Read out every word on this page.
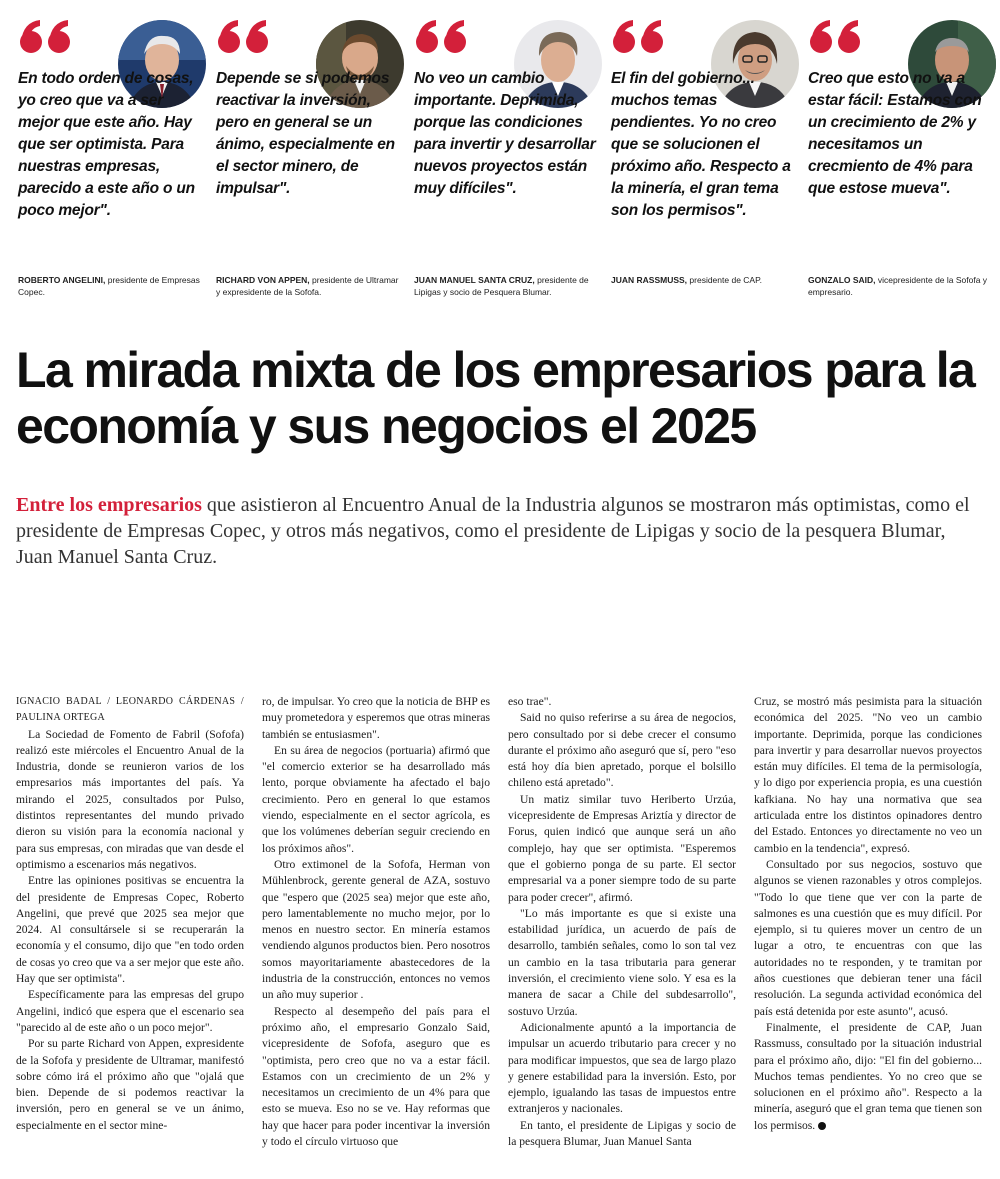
En todo orden de cosas, yo creo que va a ser mejor que este año. Hay que ser optimista. Para nuestras empresas, parecido a este año o un poco mejor".
ROBERTO ANGELINI, presidente de Empresas Copec.
Depende se si podemos reactivar la inversión, pero en general se un ánimo, especialmente en el sector minero, de impulsar".
RICHARD VON APPEN, presidente de Ultramar y expresidente de la Sofofa.
No veo un cambio importante. Deprimida, porque las condiciones para invertir y desarrollar nuevos proyectos están muy difíciles".
JUAN MANUEL SANTA CRUZ, presidente de Lipigas y socio de Pesquera Blumar.
El fin del gobierno... muchos temas pendientes. Yo no creo que se solucionen el próximo año. Respecto a la minería, el gran tema son los permisos".
JUAN RASSMUSS, presidente de CAP.
Creo que esto no va a estar fácil: Estamos con un crecimiento de 2% y necesitamos un crecmiento de 4% para que estose mueva".
GONZALO SAID, vicepresidente de la Sofofa y empresario.
La mirada mixta de los empresarios para la economía y sus negocios el 2025

Entre los empresarios que asistieron al Encuentro Anual de la Industria algunos se mostraron más optimistas, como el presidente de Empresas Copec, y otros más negativos, como el presidente de Lipigas y socio de la pesquera Blumar, Juan Manuel Santa Cruz.

IGNACIO BADAL / LEONARDO CÁRDENAS / PAULINA ORTEGA

La Sociedad de Fomento de Fabril (Sofofa) realizó este miércoles el Encuentro Anual de la Industria, donde se reunieron varios de los empresarios más importantes del país. Ya mirando el 2025, consultados por Pulso, distintos representantes del mundo privado dieron su visión para la economía nacional y para sus empresas, con miradas que van desde el optimismo a escenarios más negativos.

Entre las opiniones positivas se encuentra la del presidente de Empresas Copec, Roberto Angelini, que prevé que 2025 sea mejor que 2024. Al consultársele si se recuperarán la economía y el consumo, dijo que "en todo orden de cosas yo creo que va a ser mejor que este año. Hay que ser optimista".

Específicamente para las empresas del grupo Angelini, indicó que espera que el escenario sea "parecido al de este año o un poco mejor".

Por su parte Richard von Appen, expresidente de la Sofofa y presidente de Ultramar, manifestó sobre cómo irá el próximo año que "ojalá que bien. Depende de si podemos reactivar la inversión, pero en general se ve un ánimo, especialmente en el sector mine-

ro, de impulsar. Yo creo que la noticia de BHP es muy prometedora y esperemos que otras mineras también se entusiasmen".

En su área de negocios (portuaria) afirmó que "el comercio exterior se ha desarrollado más lento, porque obviamente ha afectado el bajo crecimiento. Pero en general lo que estamos viendo, especialmente en el sector agrícola, es que los volúmenes deberían seguir creciendo en los próximos años".

Otro extimonel de la Sofofa, Herman von Mühlenbrock, gerente general de AZA, sostuvo que "espero que (2025 sea) mejor que este año, pero lamentablemente no mucho mejor, por lo menos en nuestro sector. En minería estamos vendiendo algunos productos bien. Pero nosotros somos mayoritariamente abastecedores de la industria de la construcción, entonces no vemos un año muy superior .

Respecto al desempeño del país para el próximo año, el empresario Gonzalo Said, vicepresidente de Sofofa, aseguro que es "optimista, pero creo que no va a estar fácil. Estamos con un crecimiento de un 2% y necesitamos un crecimiento de un 4% para que esto se mueva. Eso no se ve. Hay reformas que hay que hacer para poder incentivar la inversión y todo el círculo virtuoso que

eso trae".

Said no quiso referirse a su área de negocios, pero consultado por si debe crecer el consumo durante el próximo año aseguró que sí, pero "eso está hoy día bien apretado, porque el bolsillo chileno está apretado".

Un matiz similar tuvo Heriberto Urzúa, vicepresidente de Empresas Ariztía y director de Forus, quien indicó que aunque será un año complejo, hay que ser optimista. "Esperemos que el gobierno ponga de su parte. El sector empresarial va a poner siempre todo de su parte para poder crecer", afirmó.

"Lo más importante es que si existe una estabilidad jurídica, un acuerdo de país de desarrollo, también señales, como lo son tal vez un cambio en la tasa tributaria para generar inversión, el crecimiento viene solo. Y esa es la manera de sacar a Chile del subdesarrollo", sostuvo Urzúa.

Adicionalmente apuntó a la importancia de impulsar un acuerdo tributario para crecer y no para modificar impuestos, que sea de largo plazo y genere estabilidad para la inversión. Esto, por ejemplo, igualando las tasas de impuestos entre extranjeros y nacionales.

En tanto, el presidente de Lipigas y socio de la pesquera Blumar, Juan Manuel Santa

Cruz, se mostró más pesimista para la situación económica del 2025. "No veo un cambio importante. Deprimida, porque las condiciones para invertir y para desarrollar nuevos proyectos están muy difíciles. El tema de la permisología, y lo digo por experiencia propia, es una cuestión kafkiana. No hay una normativa que sea articulada entre los distintos opinadores dentro del Estado. Entonces yo directamente no veo un cambio en la tendencia", expresó.

Consultado por sus negocios, sostuvo que algunos se vienen razonables y otros complejos. "Todo lo que tiene que ver con la parte de salmones es una cuestión que es muy difícil. Por ejemplo, si tu quieres mover un centro de un lugar a otro, te encuentras con que las autoridades no te responden, y te tramitan por años cuestiones que debieran tener una fácil resolución. La segunda actividad económica del país está detenida por este asunto", acusó.

Finalmente, el presidente de CAP, Juan Rassmuss, consultado por la situación industrial para el próximo año, dijo: "El fin del gobierno... Muchos temas pendientes. Yo no creo que se solucionen en el próximo año". Respecto a la minería, aseguró que el gran tema que tienen son los permisos. P
